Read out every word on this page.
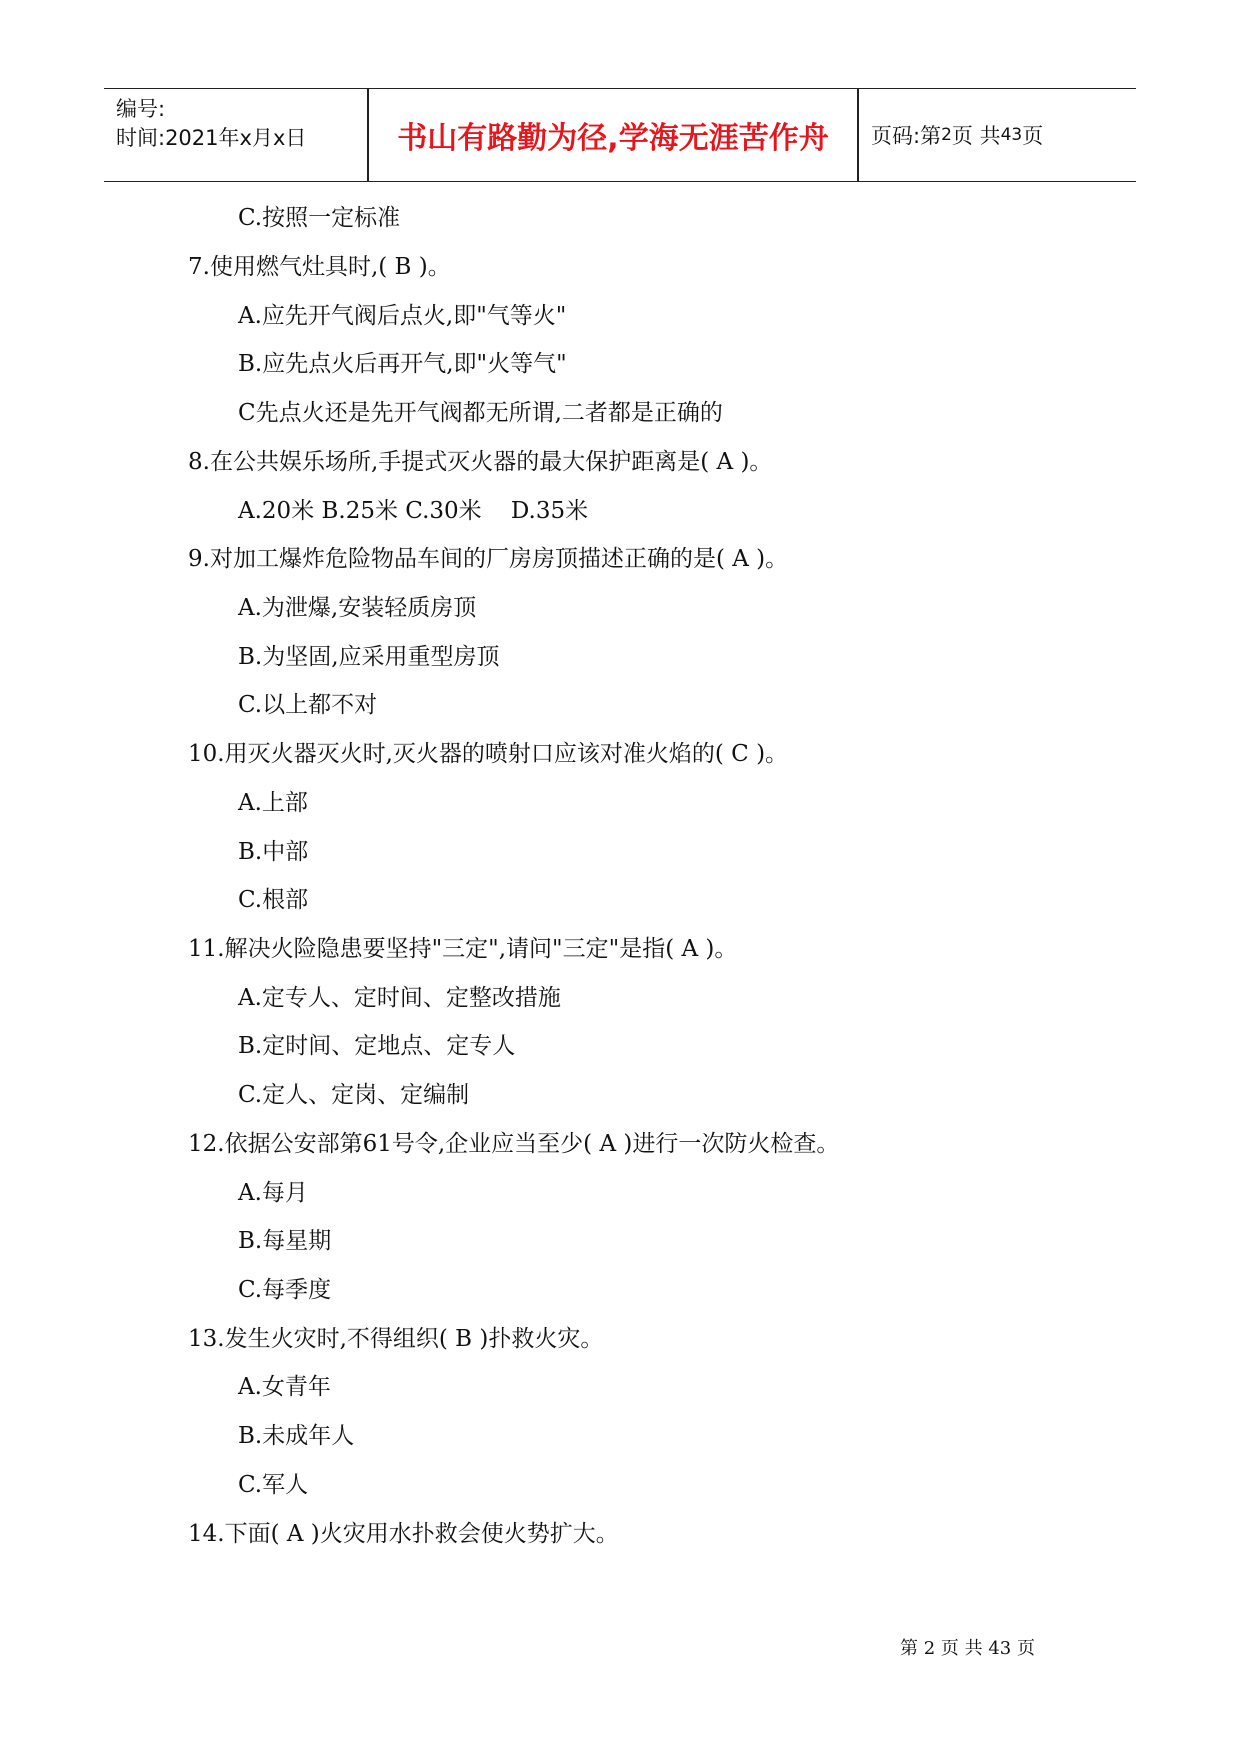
编号:
时间:2021年x月x日	书山有路勤为径,学海无涯苦作舟	页码:第 2 页 共 43 页
C.按照一定标准
7.使用燃气灶具时,( B )。
A.应先开气阀后点火,即"气等火"
B.应先点火后再开气,即"火等气"
C先点火还是先开气阀都无所谓,二者都是正确的
8.在公共娱乐场所,手提式灭火器的最大保护距离是( A )。
A.20米 B.25米 C.30米    D.35米
9.对加工爆炸危险物品车间的厂房房顶描述正确的是( A )。
A.为泄爆,安装轻质房顶
B.为坚固,应采用重型房顶
C.以上都不对
10.用灭火器灭火时,灭火器的喷射口应该对准火焰的( C )。
A.上部
B.中部
C.根部
11.解决火险隐患要坚持"三定",请问"三定"是指( A )。
A.定专人、定时间、定整改措施
B.定时间、定地点、定专人
C.定人、定岗、定编制
12.依据公安部第61号令,企业应当至少( A )进行一次防火检查。
A.每月
B.每星期
C.每季度
13.发生火灾时,不得组织( B )扑救火灾。
A.女青年
B.未成年人
C.军人
14.下面( A )火灾用水扑救会使火势扩大。
第 2 页 共 43 页
